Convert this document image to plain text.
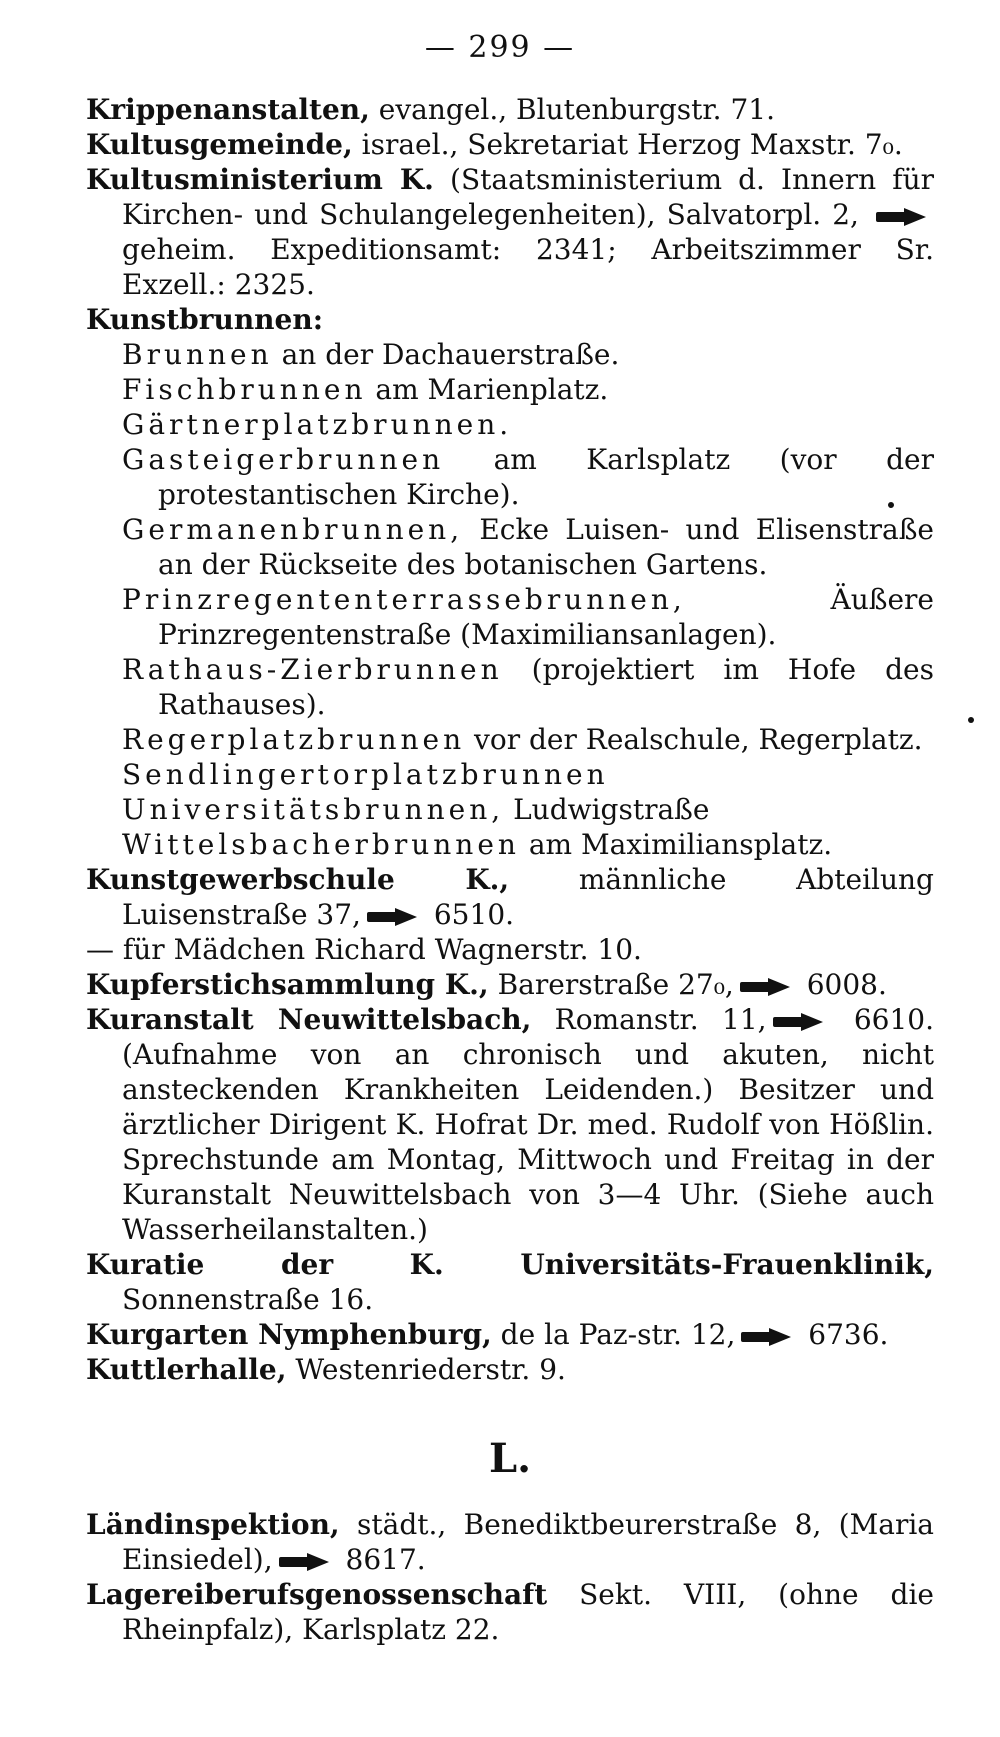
— 299 —
Krippenanstalten, evangel., Blutenburgstr. 71.
Kultusgemeinde, israel., Sekretariat Herzog Maxstr. 7₀.
Kultusministerium K. (Staatsministerium d. Innern für Kirchen- und Schulangelegenheiten), Salvatorpl. 2,  geheim. Expeditionsamt: 2341; Arbeitszimmer Sr. Exzell.: 2325.
Kunstbrunnen:
Brunnen an der Dachauerstraße.
Fischbrunnen am Marienplatz.
Gärtnerplatzbrunnen.
Gasteigerbrunnen am Karlsplatz (vor der protestantischen Kirche).
Germanenbrunnen, Ecke Luisen- und Elisenstraße an der Rückseite des botanischen Gartens.
Prinzregententerrassebrunnen, Äußere Prinzregentenstraße (Maximiliansanlagen).
Rathaus-Zierbrunnen (projektiert im Hofe des Rathauses).
Regerplatzbrunnen vor der Realschule, Regerplatz.
Sendlingertorplatzbrunnen
Universitätsbrunnen, Ludwigstraße
Wittelsbacherbrunnen am Maximiliansplatz.
Kunstgewerbschule K., männliche Abteilung Luisenstraße 37, 6510.
— für Mädchen Richard Wagnerstr. 10.
Kupferstichsammlung K., Barerstraße 27₀, 6008.
Kuranstalt Neuwittelsbach, Romanstr. 11, 6610. (Aufnahme von an chronisch und akuten, nicht ansteckenden Krankheiten Leidenden.) Besitzer und ärztlicher Dirigent K. Hofrat Dr. med. Rudolf von Hößlin. Sprechstunde am Montag, Mittwoch und Freitag in der Kuranstalt Neuwittelsbach von 3—4 Uhr. (Siehe auch Wasserheilanstalten.)
Kuratie der K. Universitäts-Frauenklinik, Sonnenstraße 16.
Kurgarten Nymphenburg, de la Paz-str. 12, 6736.
Kuttlerhalle, Westenriederstr. 9.
L.
Ländinspektion, städt., Benediktbeurerstraße 8, (Maria Einsiedel), 8617.
Lagereiberufsgenossenschaft Sekt. VIII, (ohne die Rheinpfalz), Karlsplatz 22.
